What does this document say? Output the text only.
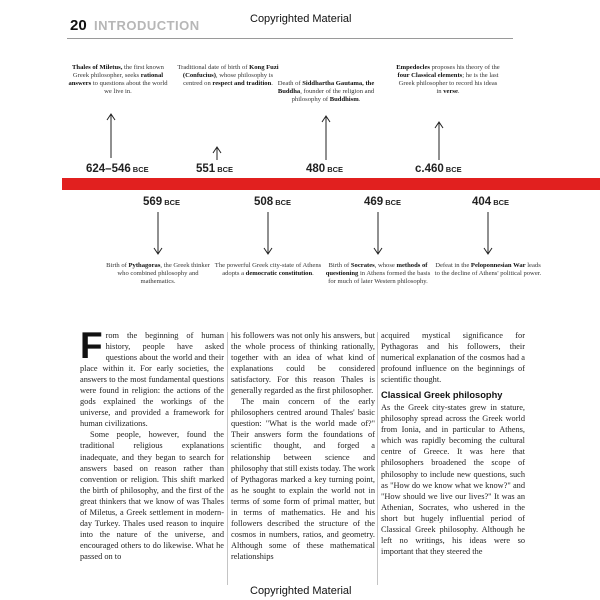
20 INTRODUCTION	Copyrighted Material
Thales of Miletus, the first known Greek philosopher, seeks rational answers to questions about the world we live in.
Traditional date of birth of Kong Fuzi (Confucius), whose philosophy is centred on respect and tradition. Death of Siddhartha Gautama, the Buddha, founder of the religion and philosophy of Buddhism.
Empedocles proposes his theory of the four Classical elements; he is the last Greek philosopher to record his ideas in verse.
624–546 BCE	551 BCE	480 BCE	c.460 BCE
569 BCE	508 BCE	469 BCE	404 BCE
Birth of Pythagoras, the Greek thinker who combined philosophy and mathematics.
The powerful Greek city-state of Athens adopts a democratic constitution.
Birth of Socrates, whose methods of questioning in Athens formed the basis for much of later Western philosophy.
Defeat in the Peloponnesian War leads to the decline of Athens' political power.

From the beginning of human history, people have asked questions about the world and their place within it. For early societies, the answers to the most fundamental questions were found in religion: the actions of the gods explained the workings of the universe, and provided a framework for human civilizations.

Some people, however, found the traditional religious explanations inadequate, and they began to search for answers based on reason rather than convention or religion. This shift marked the birth of philosophy, and the first of the great thinkers that we know of was Thales of Miletus, a Greek settlement in modern-day Turkey. Thales used reason to inquire into the nature of the universe, and encouraged others to do likewise. What he passed on to

his followers was not only his answers, but the whole process of thinking rationally, together with an idea of what kind of explanations could be considered satisfactory. For this reason Thales is generally regarded as the first philosopher.

The main concern of the early philosophers centred around Thales' basic question: "What is the world made of?" Their answers form the foundations of scientific thought, and forged a relationship between science and philosophy that still exists today. The work of Pythagoras marked a key turning point, as he sought to explain the world not in terms of some form of primal matter, but in terms of mathematics. He and his followers described the structure of the cosmos in numbers, ratios, and geometry. Although some of these mathematical relationships

acquired mystical significance for Pythagoras and his followers, their numerical explanation of the cosmos had a profound influence on the beginnings of scientific thought.

Classical Greek philosophy

As the Greek city-states grew in stature, philosophy spread across the Greek world from Ionia, and in particular to Athens, which was rapidly becoming the cultural centre of Greece. It was here that philosophers broadened the scope of philosophy to include new questions, such as "How do we know what we know?" and "How should we live our lives?" It was an Athenian, Socrates, who ushered in the short but hugely influential period of Classical Greek philosophy. Although he left no writings, his ideas were so important that they steered the

Copyrighted Material
